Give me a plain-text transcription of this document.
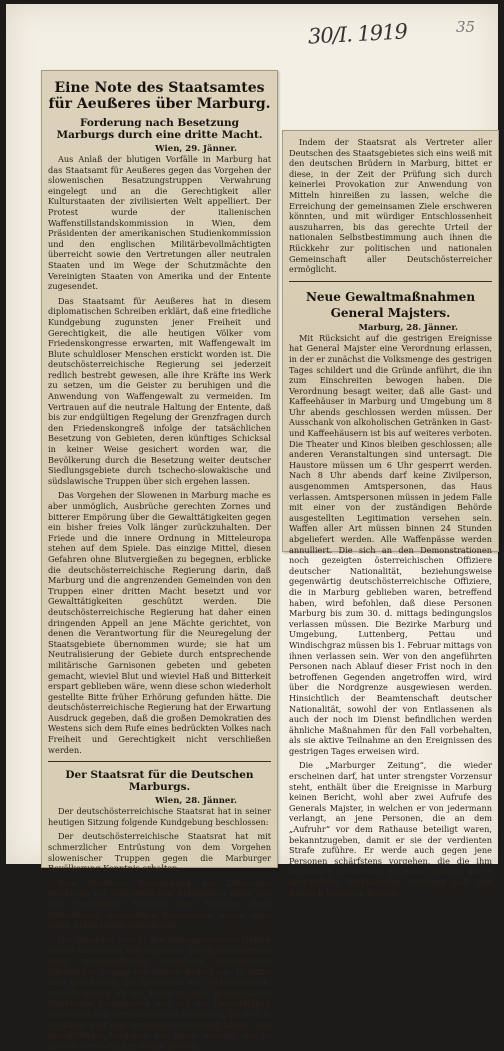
30/I. 1919	35

Eine Note des Staatsamtes für Aeußeres über Marburg.

Forderung nach Besetzung Marburgs durch eine dritte Macht.

Wien, 29. Jänner.

Aus Anlaß der blutigen Vorfälle in Marburg hat das Staatsamt für Aeußeres gegen das Vorgehen der slowenischen Besatzungstruppen Verwahrung eingelegt und an die Gerechtigkeit aller Kulturstaaten der zivilisierten Welt appelliert. Der Protest wurde der italienischen Waffenstillstandskommission in Wien, dem Präsidenten der amerikanischen Studienkommission und den englischen Militärbevollmächtigten überreicht sowie den Vertretungen aller neutralen Staaten und im Wege der Schutzmächte den Vereinigten Staaten von Amerika und der Entente zugesendet.

Das Staatsamt für Aeußeres hat in diesem diplomatischen Schreiben erklärt, daß eine friedliche Kundgebung zugunsten jener Freiheit und Gerechtigkeit, die alle heutigen Völker vom Friedenskongresse erwarten, mit Waffengewalt im Blute schuldloser Menschen erstickt worden ist. Die deutschösterreichische Regierung sei jederzeit redlich bestrebt gewesen, alle ihre Kräfte ins Werk zu setzen, um die Geister zu beruhigen und die Anwendung von Waffengewalt zu vermeiden. Im Vertrauen auf die neutrale Haltung der Entente, daß bis zur endgültigen Regelung der Grenzfragen durch den Friedenskongreß infolge der tatsächlichen Besetzung von Gebieten, deren künftiges Schicksal in keiner Weise gesichert worden war, die Bevölkerung durch die Besetzung weiter deutscher Siedlungsgebiete durch tschecho-slowakische und südslawische Truppen über sich ergehen lassen.

Das Vorgehen der Slowenen in Marburg mache es aber unmöglich, Ausbrüche gerechten Zornes und bitterer Empörung über die Gewalttätigkeiten gegen ein bisher freies Volk länger zurückzuhalten. Der Friede und die innere Ordnung in Mitteleuropa stehen auf dem Spiele. Das einzige Mittel, diesen Gefahren ohne Blutvergießen zu begegnen, erblicke die deutschösterreichische Regierung darin, daß Marburg und die angrenzenden Gemeinden von den Truppen einer dritten Macht besetzt und vor Gewalttätigkeiten geschützt werden. Die deutschösterreichische Regierung hat daher einen dringenden Appell an jene Mächte gerichtet, von denen die Verantwortung für die Neuregelung der Staatsgebiete übernommen wurde; sie hat um Neutralisierung der Gebiete durch entsprechende militärische Garnisonen gebeten und gebeten gemacht, wieviel Blut und wieviel Haß und Bitterkeit erspart geblieben wäre, wenn diese schon wiederholt gestellte Bitte früher Erhörung gefunden hätte. Die deutschösterreichische Regierung hat der Erwartung Ausdruck gegeben, daß die großen Demokratien des Westens sich dem Rufe eines bedrückten Volkes nach Freiheit und Gerechtigkeit nicht verschließen werden.

Der Staatsrat für die Deutschen Marburgs.

Wien, 28. Jänner.

Der deutschösterreichische Staatsrat hat in seiner heutigen Sitzung folgende Kundgebung beschlossen:

Der deutschösterreichische Staatsrat hat mit schmerzlicher Entrüstung von dem Vorgehen slowenischer Truppen gegen die Marburger Bevölkerung Kenntnis erhalten.

Eine friedliche Kundgebung der Deutschen Marburgs vor unparteiischen Mitgliedern einer von den Vereinigten Staaten zum Studium ihrer Verhältnisse entsendeten Kommission wurde ohne jeden Anlaß blutig unterdrückt.

Der Staatsrat spricht den beklagenswerten Opfern dieses angesichts des tagenden Friedenskongresses ganz unbegreiflichen Vorgehens slowenischer öffentlicher Organe sein tiefstes Beileid aus. Er bittet aber gleichzeitig die Deutschen von Südsteiermark, unverbrüchlich an der Treue zu dem gemeinsamen Vaterlande festzuhalten und auf die Gerechtigkeit der westlichen Demokratien zu vertrauen, die erst in künftiger Zeit den Grundsatz verkündet haben, daß gewalttätiges Vorgehen nur jenen schadet, die zu diesem verwerflichen Mittel greifen.

Indem der Staatsrat als Vertreter aller Deutschen des Staatsgebietes sich eins weiß mit den deutschen Brüdern in Marburg, bittet er diese, in der Zeit der Prüfung sich durch keinerlei Provokation zur Anwendung von Mitteln hinreißen zu lassen, welche die Erreichung der gemeinsamen Ziele erschweren könnten, und mit würdiger Entschlossenheit auszuharren, bis das gerechte Urteil der nationalen Selbstbestimmung auch ihnen die Rückkehr zur politischen und nationalen Gemeinschaft aller Deutschösterreicher ermöglicht.

Neue Gewaltmaßnahmen General Majsters.

Marburg, 28. Jänner.

Mit Rücksicht auf die gestrigen Ereignisse hat General Majster eine Verordnung erlassen, in der er zunächst die Volksmenge des gestrigen Tages schildert und die Gründe anführt, die ihn zum Einschreiten bewogen haben. Die Verordnung besagt weiter, daß alle Gast- und Kaffeehäuser in Marburg und Umgebung um 8 Uhr abends geschlossen werden müssen. Der Ausschank von alkoholischen Getränken in Gast- und Kaffeehäusern ist bis auf weiteres verboten. Die Theater und Kinos bleiben geschlossen; alle anderen Veranstaltungen sind untersagt. Die Haustore müssen um 6 Uhr gesperrt werden. Nach 8 Uhr abends darf keine Zivilperson, ausgenommen Amtspersonen, das Haus verlassen. Amtspersonen müssen in jedem Falle mit einer von der zuständigen Behörde ausgestellten Legitimation versehen sein. Waffen aller Art müssen binnen 24 Stunden abgeliefert werden. Alle Waffenpässe werden annulliert. Die sich an den Demonstrationen noch gezeigten österreichischen Offiziere deutscher Nationalität, beziehungsweise gegenwärtig deutschösterreichische Offiziere, die in Marburg geblieben waren, betreffend haben, wird befohlen, daß diese Personen Marburg bis zum 30. d. mittags bedingungslos verlassen müssen. Die Bezirke Marburg und Umgebung, Luttenberg, Pettau und Windischgraz müssen bis 1. Februar mittags von ihnen verlassen sein. Wer von den angeführten Personen nach Ablauf dieser Frist noch in den betroffenen Gegenden angetroffen wird, wird über die Nordgrenze ausgewiesen werden. Hinsichtlich der Beamtenschaft deutscher Nationalität, sowohl der von Entlassenen als auch der noch im Dienst befindlichen werden ähnliche Maßnahmen für den Fall vorbehalten, als sie aktive Teilnahme an den Ereignissen des gestrigen Tages erweisen wird.

Die „Marburger Zeitung“, die wieder erscheinen darf, hat unter strengster Vorzensur steht, enthält über die Ereignisse in Marburg keinen Bericht, wohl aber zwei Aufrufe des Generals Majster, in welchen er von jedermann verlangt, an jene Personen, die an dem „Aufruhr“ vor dem Rathause beteiligt waren, bekanntzugeben, damit er sie der verdienten Strafe zuführe. Er werde auch gegen jene Personen schärfstens vorgehen, die die ihm bekannten Teilnehmer an jenem Aufruhr durch absichtliche Nichtanzeige schützen und den dadurch Vorschub leisten.
